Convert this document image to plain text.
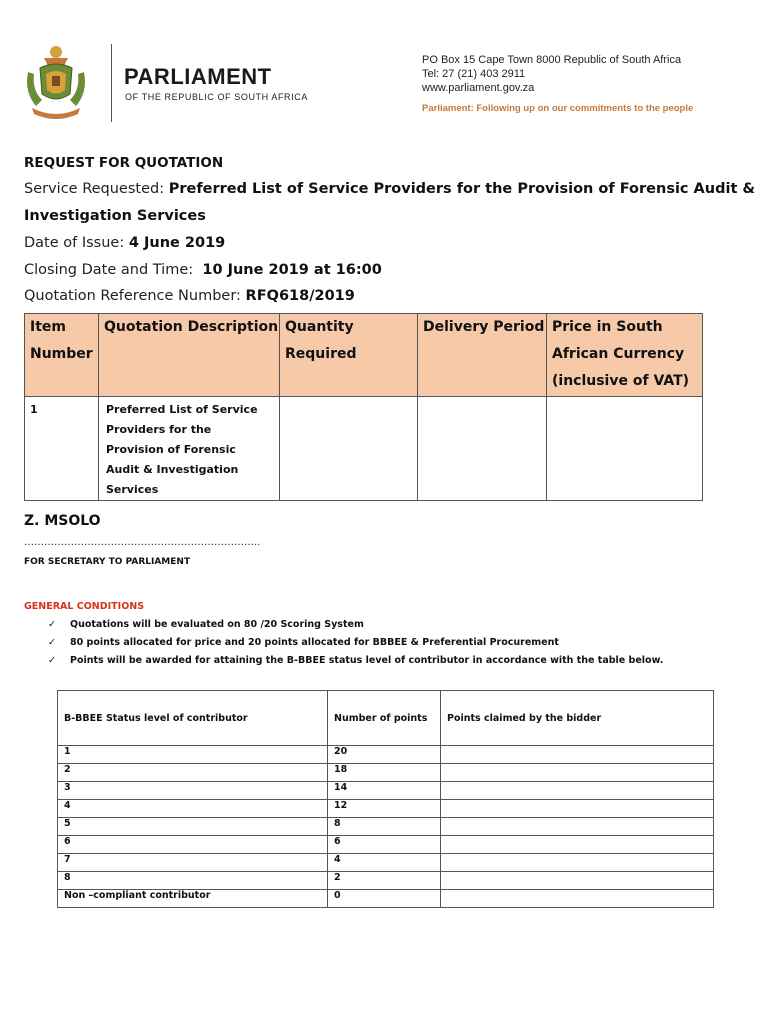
PARLIAMENT
OF THE REPUBLIC OF SOUTH AFRICA
PO Box 15 Cape Town 8000 Republic of South Africa
Tel: 27 (21) 403 2911
www.parliament.gov.za
Parliament: Following up on our commitments to the people
REQUEST FOR QUOTATION
Service Requested: Preferred List of Service Providers for the Provision of Forensic Audit &
Investigation Services
Date of Issue: 4 June 2019
Closing Date and Time: 10 June 2019 at 16:00
Quotation Reference Number: RFQ618/2019
Item Number	Quotation Description	Quantity Required	Delivery Period	Price in South African Currency (inclusive of VAT)
1	Preferred List of Service Providers for the Provision of Forensic Audit & Investigation Services			
Z. MSOLO
……………………………………………………………..
FOR SECRETARY TO PARLIAMENT
GENERAL CONDITIONS
✓ Quotations will be evaluated on 80 /20 Scoring System
✓ 80 points allocated for price and 20 points allocated for BBBEE & Preferential Procurement
✓ Points will be awarded for attaining the B-BBEE status level of contributor in accordance with the table below.
B-BBEE Status level of contributor	Number of points	Points claimed by the bidder
1	20	
2	18	
3	14	
4	12	
5	8	
6	6	
7	4	
8	2	
Non –compliant contributor	0	
